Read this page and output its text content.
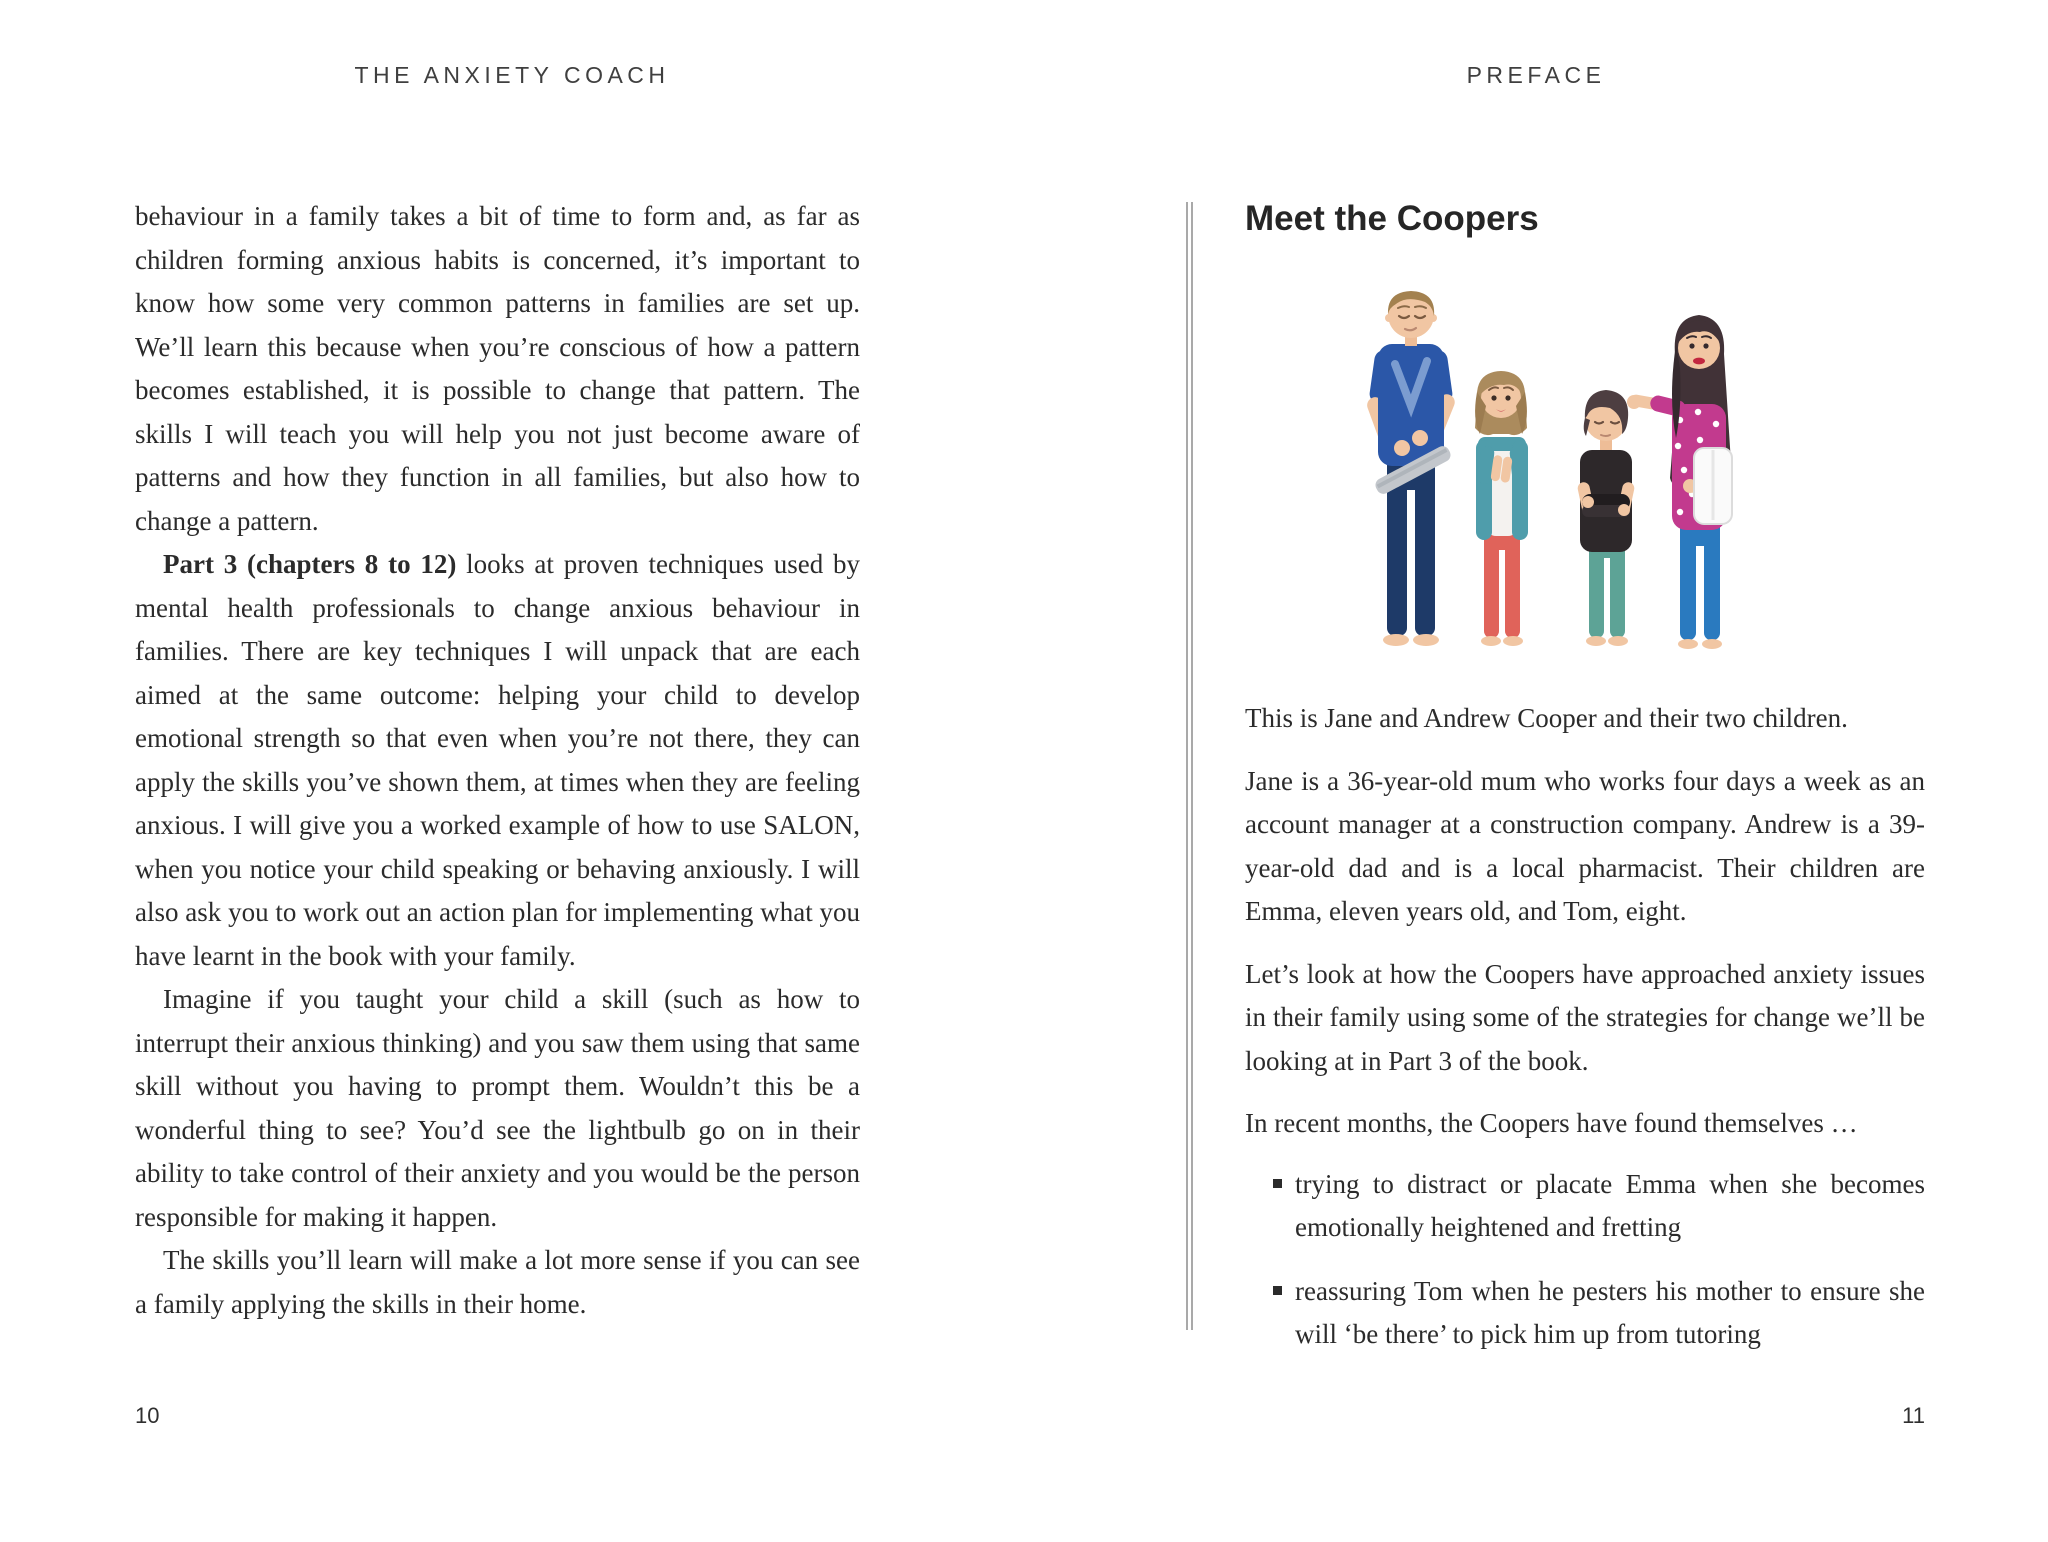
THE ANXIETY COACH	PREFACE

behaviour in a family takes a bit of time to form and, as far as children forming anxious habits is concerned, it’s important to know how some very common patterns in families are set up. We’ll learn this because when you’re conscious of how a pattern becomes established, it is possible to change that pattern. The skills I will teach you will help you not just become aware of patterns and how they function in all families, but also how to change a pattern.

Part 3 (chapters 8 to 12) looks at proven techniques used by mental health professionals to change anxious behaviour in families. There are key techniques I will unpack that are each aimed at the same outcome: helping your child to develop emotional strength so that even when you’re not there, they can apply the skills you’ve shown them, at times when they are feeling anxious. I will give you a worked example of how to use SALON, when you notice your child speaking or behaving anxiously. I will also ask you to work out an action plan for implementing what you have learnt in the book with your family.

Imagine if you taught your child a skill (such as how to interrupt their anxious thinking) and you saw them using that same skill without you having to prompt them. Wouldn’t this be a wonderful thing to see? You’d see the lightbulb go on in their ability to take control of their anxiety and you would be the person responsible for making it happen.

The skills you’ll learn will make a lot more sense if you can see a family applying the skills in their home.

Meet the Coopers

This is Jane and Andrew Cooper and their two children.

Jane is a 36-year-old mum who works four days a week as an account manager at a construction company. Andrew is a 39-year-old dad and is a local pharmacist. Their children are Emma, eleven years old, and Tom, eight.

Let’s look at how the Coopers have approached anxiety issues in their family using some of the strategies for change we’ll be looking at in Part 3 of the book.

In recent months, the Coopers have found themselves …

trying to distract or placate Emma when she becomes emotionally heightened and fretting
reassuring Tom when he pesters his mother to ensure she will ‘be there’ to pick him up from tutoring
10	11
